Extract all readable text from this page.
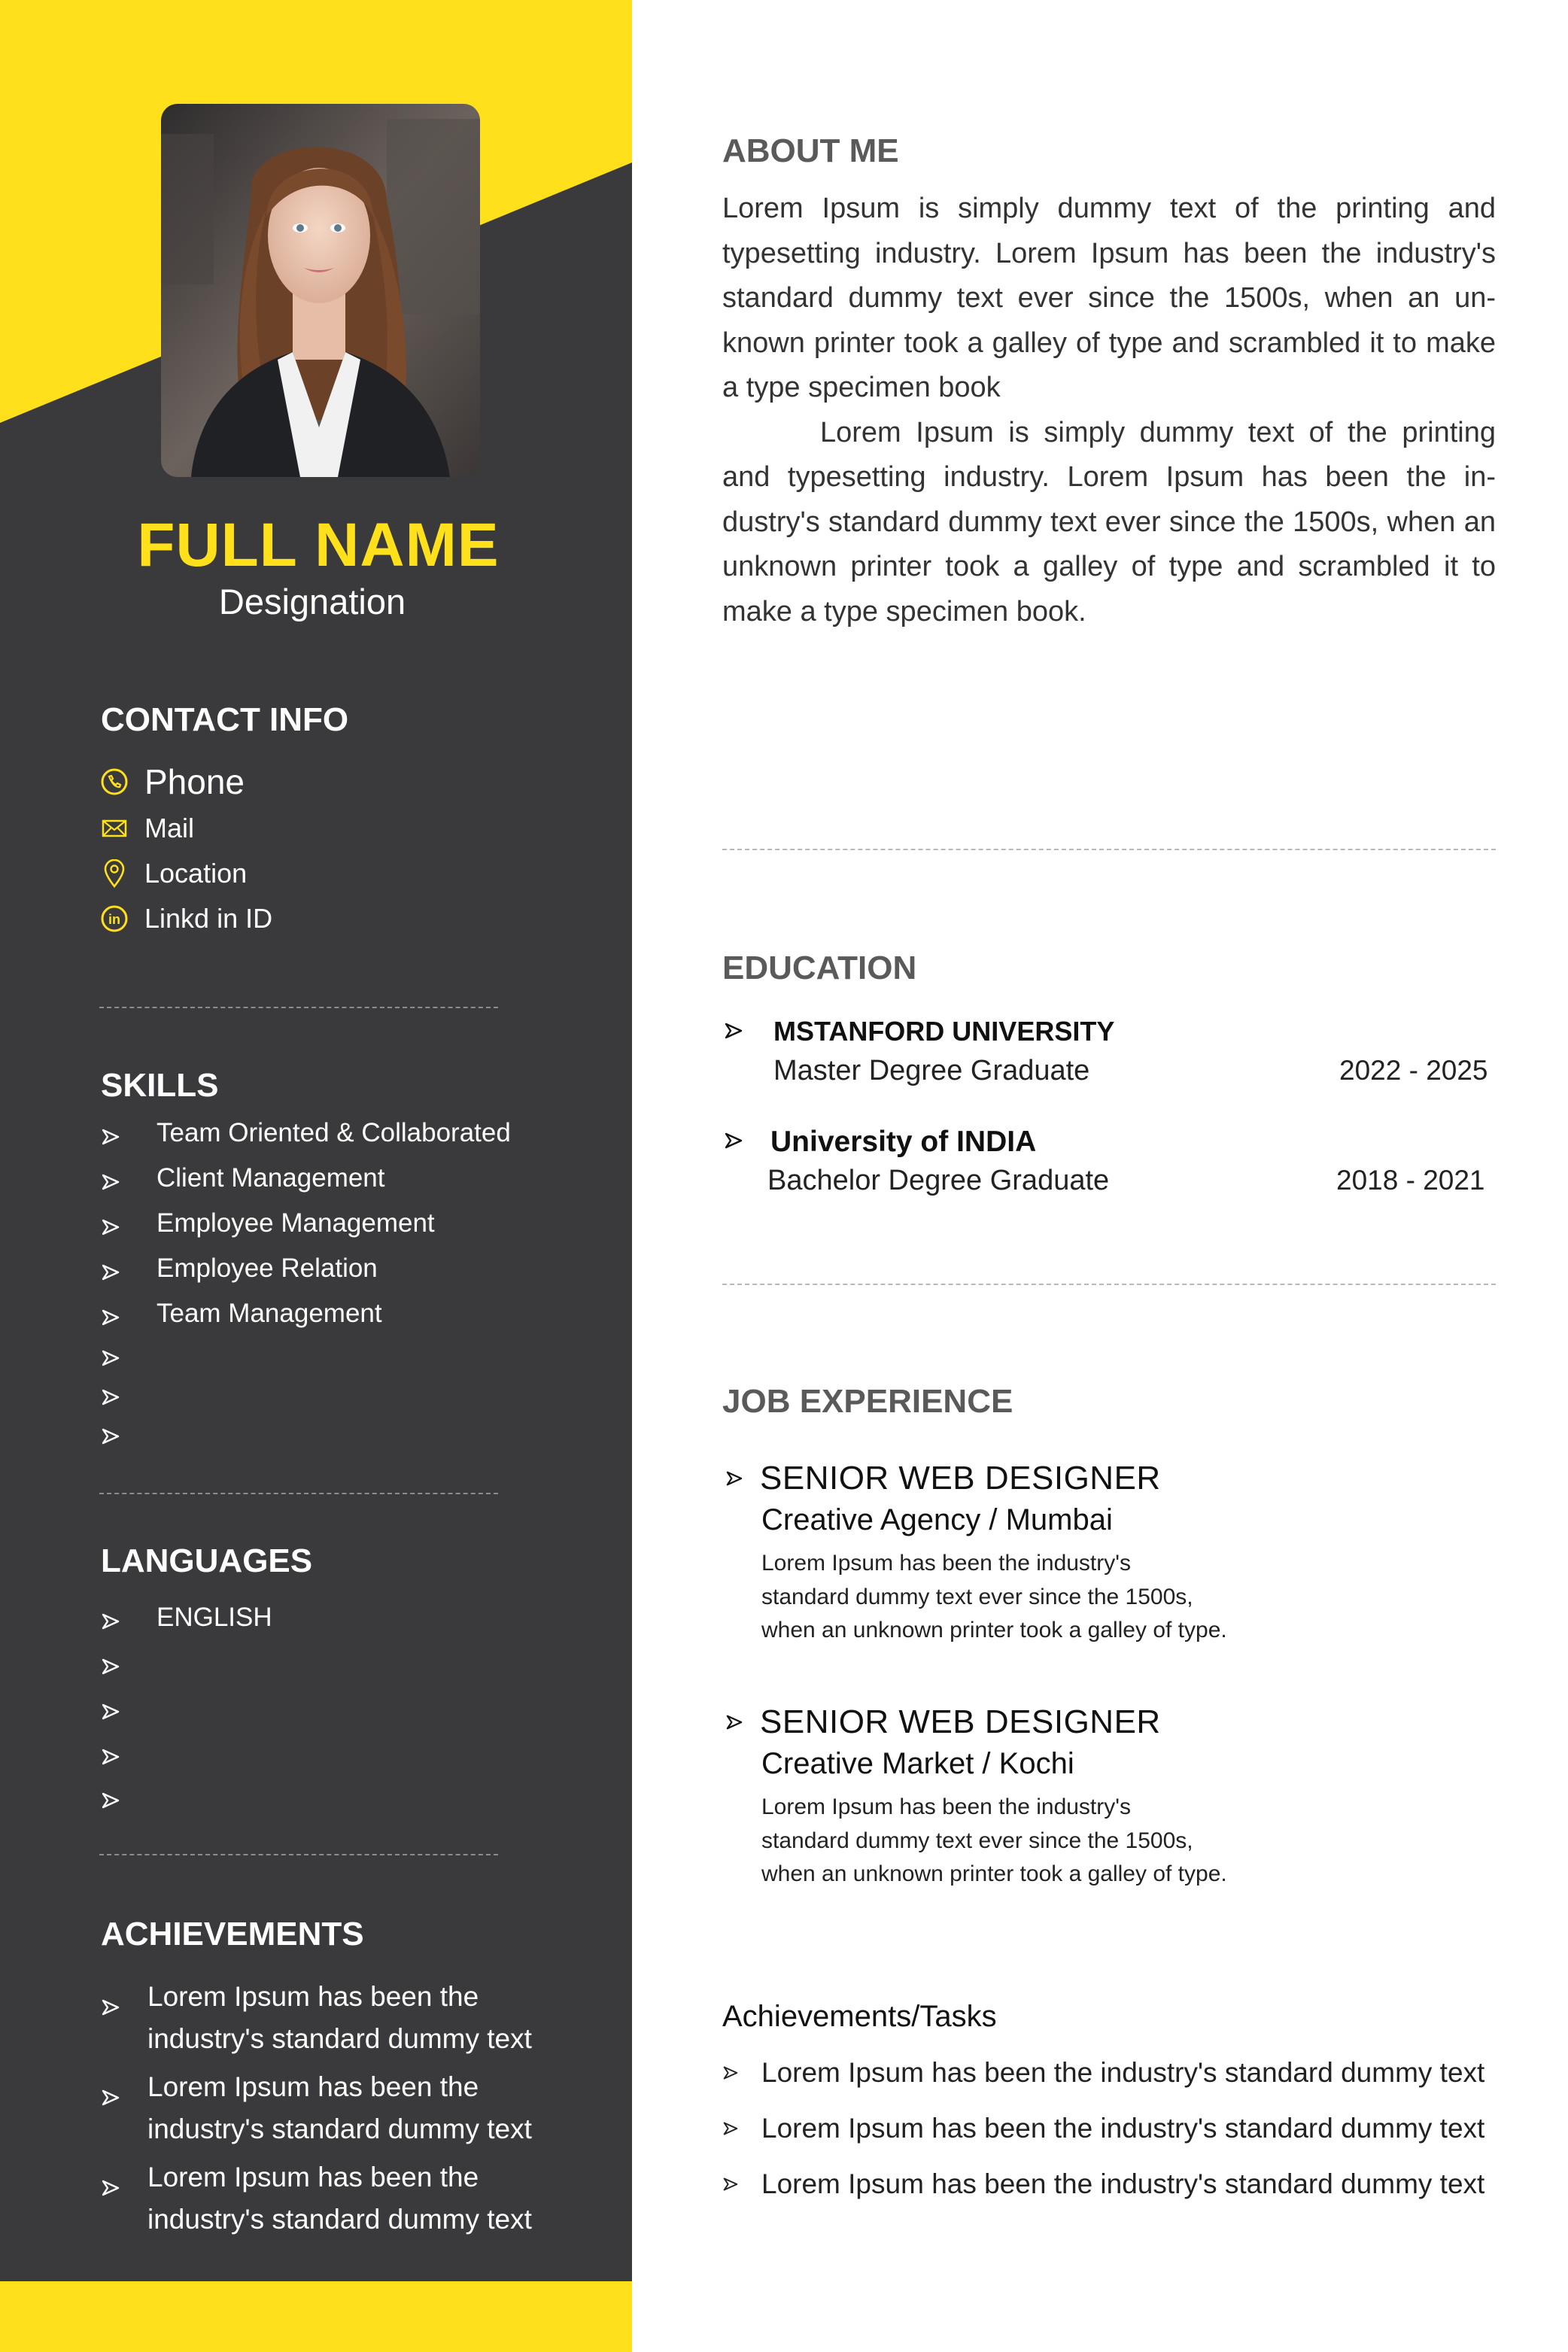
FULL NAME
Designation
CONTACT INFO
Phone
Mail
Location
in Linkd in ID
SKILLS
Team Oriented & Collaborated
Client Management
Employee Management
Employee Relation
Team Management
LANGUAGES
ENGLISH
ACHIEVEMENTS
Lorem Ipsum has been the
industry's standard dummy text
Lorem Ipsum has been the
industry's standard dummy text
Lorem Ipsum has been the
industry's standard dummy text
ABOUT ME

Lorem Ipsum is simply dummy text of the printing and typesetting industry. Lorem Ipsum has been the industry's standard dummy text ever since the 1500s, when an un-known printer took a galley of type and scrambled it to make a type specimen book

Lorem Ipsum is simply dummy text of the printing and typesetting industry. Lorem Ipsum has been the in-dustry's standard dummy text ever since the 1500s, when an unknown printer took a galley of type and scrambled it to make a type specimen book.

EDUCATION
MSTANFORD UNIVERSITY
Master Degree Graduate	2022 - 2025
University of INDIA
Bachelor Degree Graduate	2018 - 2021
JOB EXPERIENCE
SENIOR WEB DESIGNER
Creative Agency / Mumbai
Lorem Ipsum has been the industry's
standard dummy text ever since the 1500s,
when an unknown printer took a galley of type.
SENIOR WEB DESIGNER
Creative Market / Kochi
Lorem Ipsum has been the industry's
standard dummy text ever since the 1500s,
when an unknown printer took a galley of type.
Achievements/Tasks
Lorem Ipsum has been the industry's standard dummy text
Lorem Ipsum has been the industry's standard dummy text
Lorem Ipsum has been the industry's standard dummy text
